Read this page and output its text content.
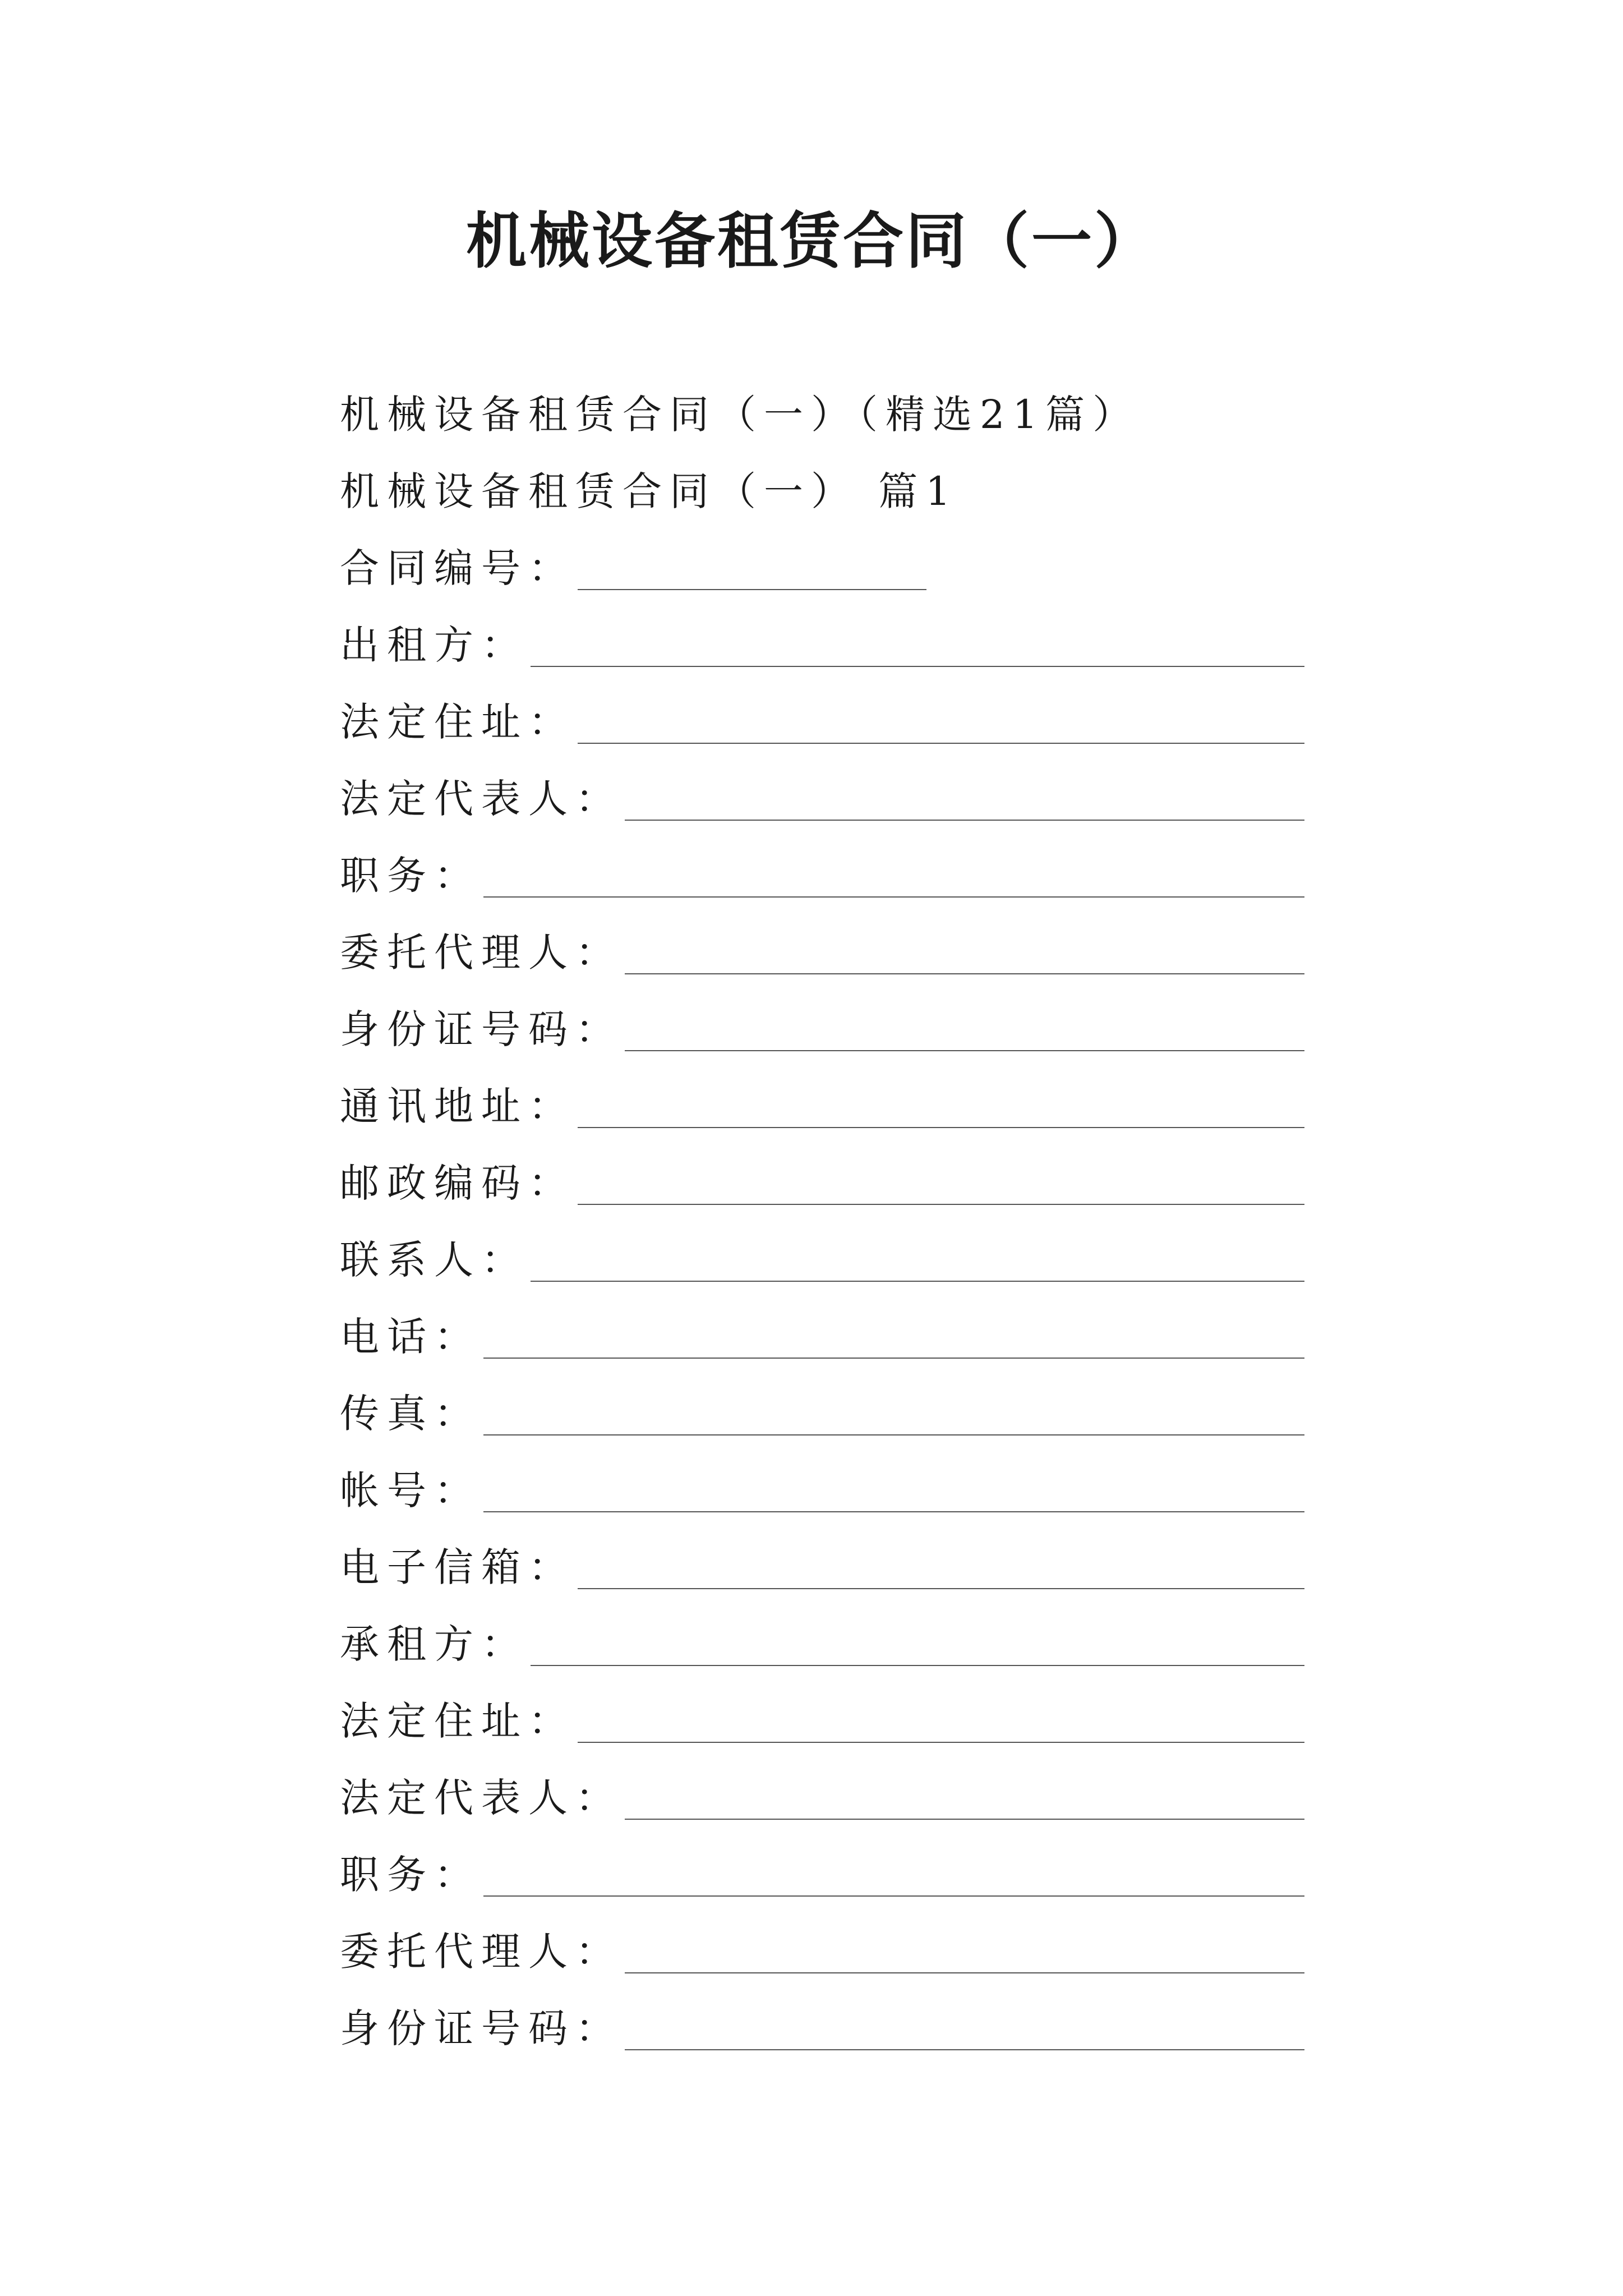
机械设备租赁合同（一）
机械设备租赁合同（一）（精选21篇）
机械设备租赁合同（一） 篇1
合同编号：
出租方：
法定住址：
法定代表人：
职务：
委托代理人：
身份证号码：
通讯地址：
邮政编码：
联系人：
电话：
传真：
帐号：
电子信箱：
承租方：
法定住址：
法定代表人：
职务：
委托代理人：
身份证号码：
